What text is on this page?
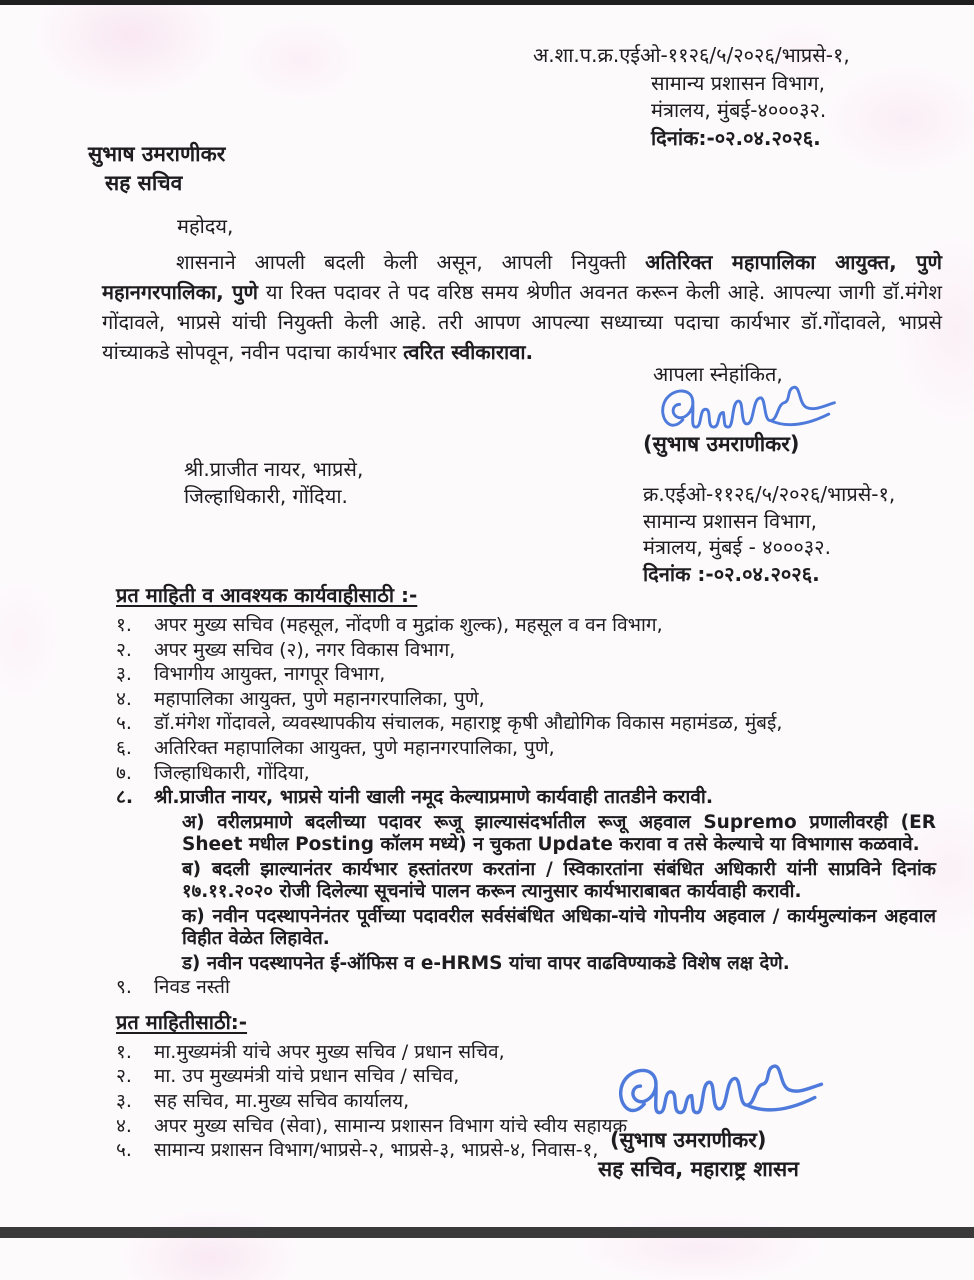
अ.शा.प.क्र.एईओ-११२६/५/२०२६/भाप्रसे-१,
सामान्य प्रशासन विभाग,
मंत्रालय, मुंबई-४०००३२.
दिनांक:-०२.०४.२०२६.
सुभाष उमराणीकर
सह सचिव
महोदय,
शासनाने आपली बदली केली असून, आपली नियुक्ती अतिरिक्त महापालिका आयुक्त, पुणे महानगरपालिका, पुणे या रिक्त पदावर ते पद वरिष्ठ समय श्रेणीत अवनत करून केली आहे. आपल्या जागी डॉ.मंगेश गोंदावले, भाप्रसे यांची नियुक्ती केली आहे. तरी आपण आपल्या सध्याच्या पदाचा कार्यभार डॉ.गोंदावले, भाप्रसे यांच्याकडे सोपवून, नवीन पदाचा कार्यभार त्वरित स्वीकारावा.
आपला स्नेहांकित,
(सुभाष उमराणीकर)
श्री.प्राजीत नायर, भाप्रसे,
जिल्हाधिकारी, गोंदिया.	क्र.एईओ-११२६/५/२०२६/भाप्रसे-१,
सामान्य प्रशासन विभाग,
मंत्रालय, मुंबई - ४०००३२.
दिनांक :-०२.०४.२०२६.
प्रत माहिती व आवश्यक कार्यवाहीसाठी :-
१.	अपर मुख्य सचिव (महसूल, नोंदणी व मुद्रांक शुल्क), महसूल व वन विभाग,
२.	अपर मुख्य सचिव (२), नगर विकास विभाग,
३.	विभागीय आयुक्त, नागपूर विभाग,
४.	महापालिका आयुक्त, पुणे महानगरपालिका, पुणे,
५.	डॉ.मंगेश गोंदावले, व्यवस्थापकीय संचालक, महाराष्ट्र कृषी औद्योगिक विकास महामंडळ, मुंबई,
६.	अतिरिक्त महापालिका आयुक्त, पुणे महानगरपालिका, पुणे,
७.	जिल्हाधिकारी, गोंदिया,
८.	श्री.प्राजीत नायर, भाप्रसे यांनी खाली नमूद केल्याप्रमाणे कार्यवाही तातडीने करावी.
अ) वरीलप्रमाणे बदलीच्या पदावर रूजू झाल्यासंदर्भातील रूजू अहवाल Supremo प्रणालीवरही (ER Sheet मधील Posting कॉलम मध्ये) न चुकता Update करावा व तसे केल्याचे या विभागास कळवावे.
ब) बदली झाल्यानंतर कार्यभार हस्तांतरण करतांना / स्विकारतांना संबंधित अधिकारी यांनी साप्रविने दिनांक १७.११.२०२० रोजी दिलेल्या सूचनांचे पालन करून त्यानुसार कार्यभाराबाबत कार्यवाही करावी.
क) नवीन पदस्थापनेनंतर पूर्वीच्या पदावरील सर्वसंबंधित अधिका-यांचे गोपनीय अहवाल / कार्यमुल्यांकन अहवाल विहीत वेळेत लिहावेत.
ड) नवीन पदस्थापनेत ई-ऑफिस व e-HRMS यांचा वापर वाढविण्याकडे विशेष लक्ष देणे.
९.	निवड नस्ती
प्रत माहितीसाठी:-
१.	मा.मुख्यमंत्री यांचे अपर मुख्य सचिव / प्रधान सचिव,
२.	मा. उप मुख्यमंत्री यांचे प्रधान सचिव / सचिव,
३.	सह सचिव, मा.मुख्य सचिव कार्यालय,
४.	अपर मुख्य सचिव (सेवा), सामान्य प्रशासन विभाग यांचे स्वीय सहायक
५.	सामान्य प्रशासन विभाग/भाप्रसे-२, भाप्रसे-३, भाप्रसे-४, निवास-१, (सुभाष उमराणीकर)
सह सचिव, महाराष्ट्र शासन
